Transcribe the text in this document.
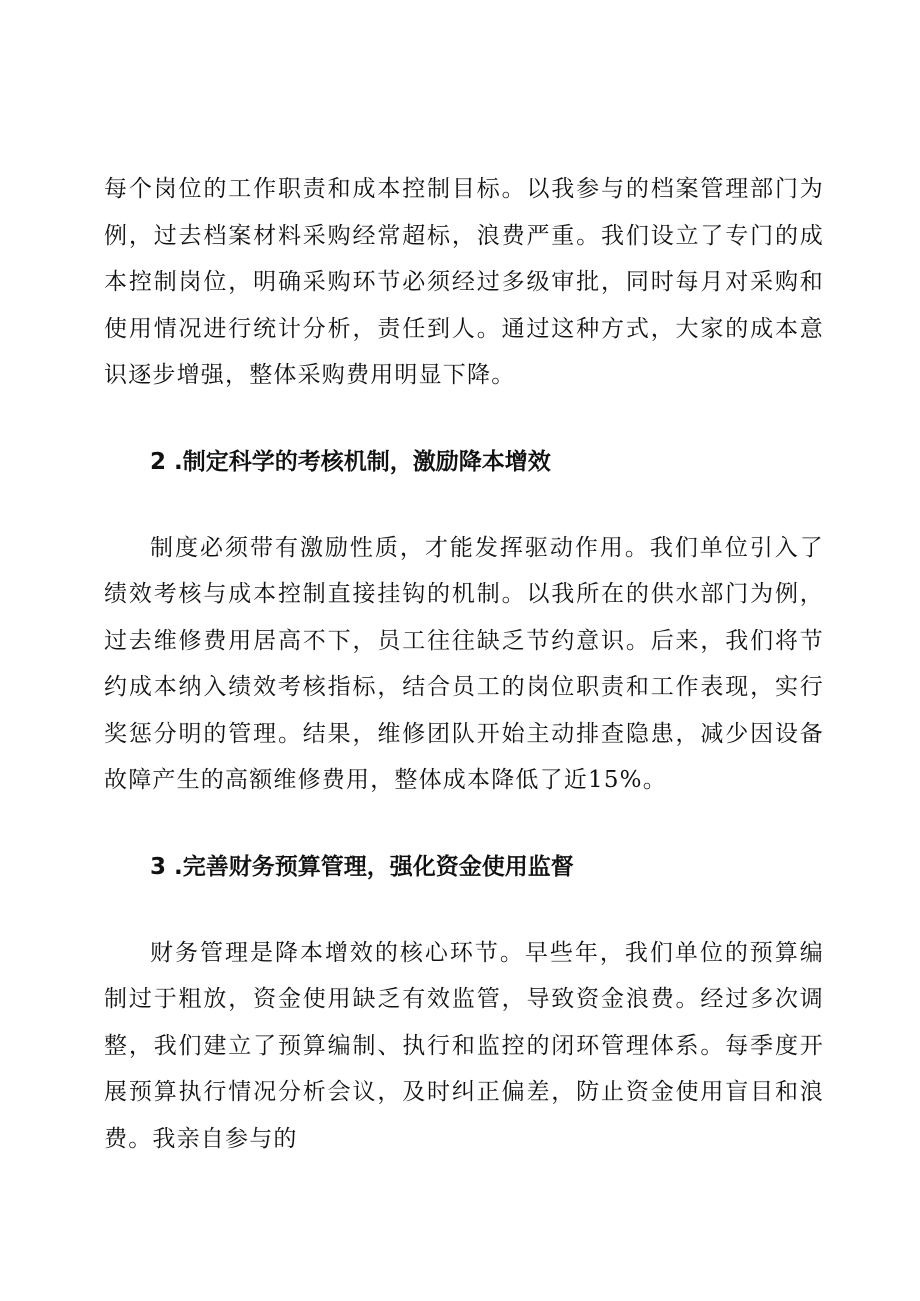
每个岗位的工作职责和成本控制目标。以我参与的档案管理部门为例，过去档案材料采购经常超标，浪费严重。我们设立了专门的成本控制岗位，明确采购环节必须经过多级审批，同时每月对采购和使用情况进行统计分析，责任到人。通过这种方式，大家的成本意识逐步增强，整体采购费用明显下降。

2 .制定科学的考核机制，激励降本增效

制度必须带有激励性质，才能发挥驱动作用。我们单位引入了绩效考核与成本控制直接挂钩的机制。以我所在的供水部门为例，过去维修费用居高不下，员工往往缺乏节约意识。后来，我们将节约成本纳入绩效考核指标，结合员工的岗位职责和工作表现，实行奖惩分明的管理。结果，维修团队开始主动排查隐患，减少因设备故障产生的高额维修费用，整体成本降低了近15%。

3 .完善财务预算管理，强化资金使用监督

财务管理是降本增效的核心环节。早些年，我们单位的预算编制过于粗放，资金使用缺乏有效监管，导致资金浪费。经过多次调整，我们建立了预算编制、执行和监控的闭环管理体系。每季度开展预算执行情况分析会议，及时纠正偏差，防止资金使用盲目和浪费。我亲自参与的
